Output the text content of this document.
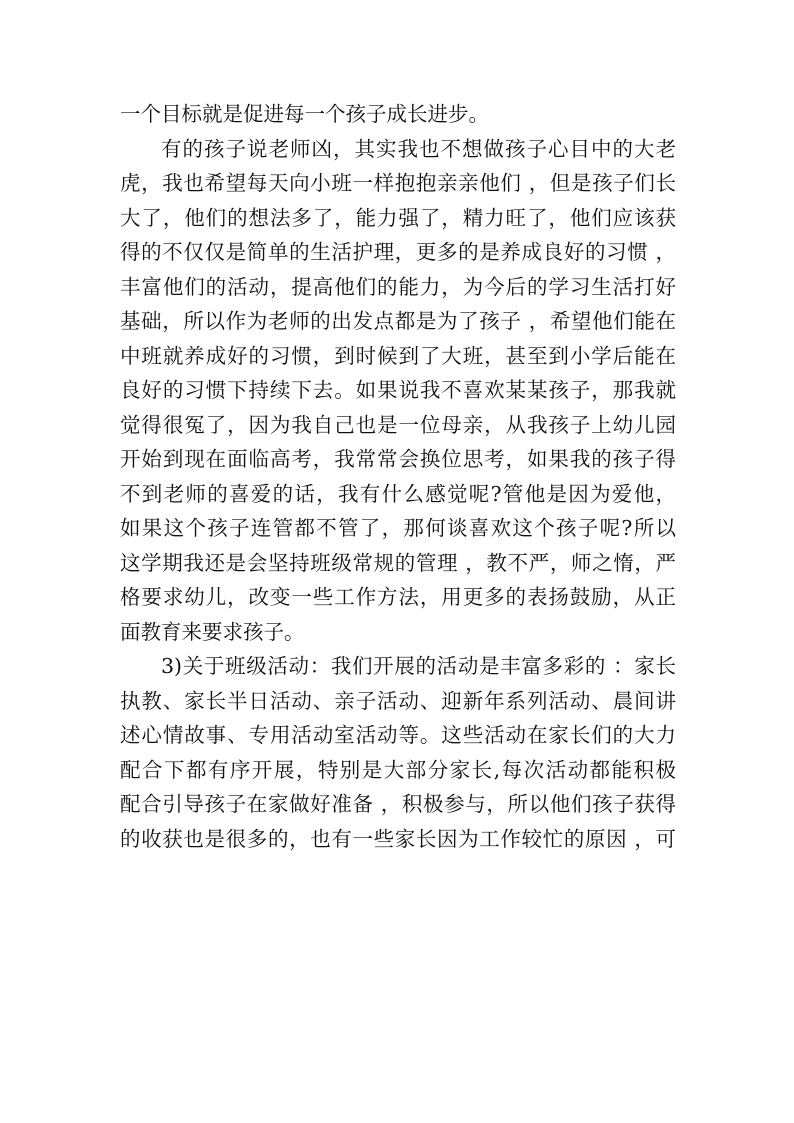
一个目标就是促进每一个孩子成长进步。
有的孩子说老师凶，其实我也不想做孩子心目中的大老
虎，我也希望每天向小班一样抱抱亲亲他们 ，但是孩子们长
大了，他们的想法多了，能力强了，精力旺了，他们应该获
得的不仅仅是简单的生活护理，更多的是养成良好的习惯 ，
丰富他们的活动，提高他们的能力，为今后的学习生活打好
基础，所以作为老师的出发点都是为了孩子 ，希望他们能在
中班就养成好的习惯，到时候到了大班，甚至到小学后能在
良好的习惯下持续下去。如果说我不喜欢某某孩子，那我就
觉得很冤了，因为我自己也是一位母亲，从我孩子上幼儿园
开始到现在面临高考，我常常会换位思考，如果我的孩子得
不到老师的喜爱的话，我有什么感觉呢?管他是因为爱他，
如果这个孩子连管都不管了，那何谈喜欢这个孩子呢?所以
这学期我还是会坚持班级常规的管理 ，教不严，师之惰，严
格要求幼儿，改变一些工作方法，用更多的表扬鼓励，从正
面教育来要求孩子。
3)关于班级活动：我们开展的活动是丰富多彩的 ：家长
执教、家长半日活动、亲子活动、迎新年系列活动、晨间讲
述心情故事、专用活动室活动等。这些活动在家长们的大力
配合下都有序开展，特别是大部分家长,每次活动都能积极
配合引导孩子在家做好准备 ，积极参与，所以他们孩子获得
的收获也是很多的，也有一些家长因为工作较忙的原因 ，可
